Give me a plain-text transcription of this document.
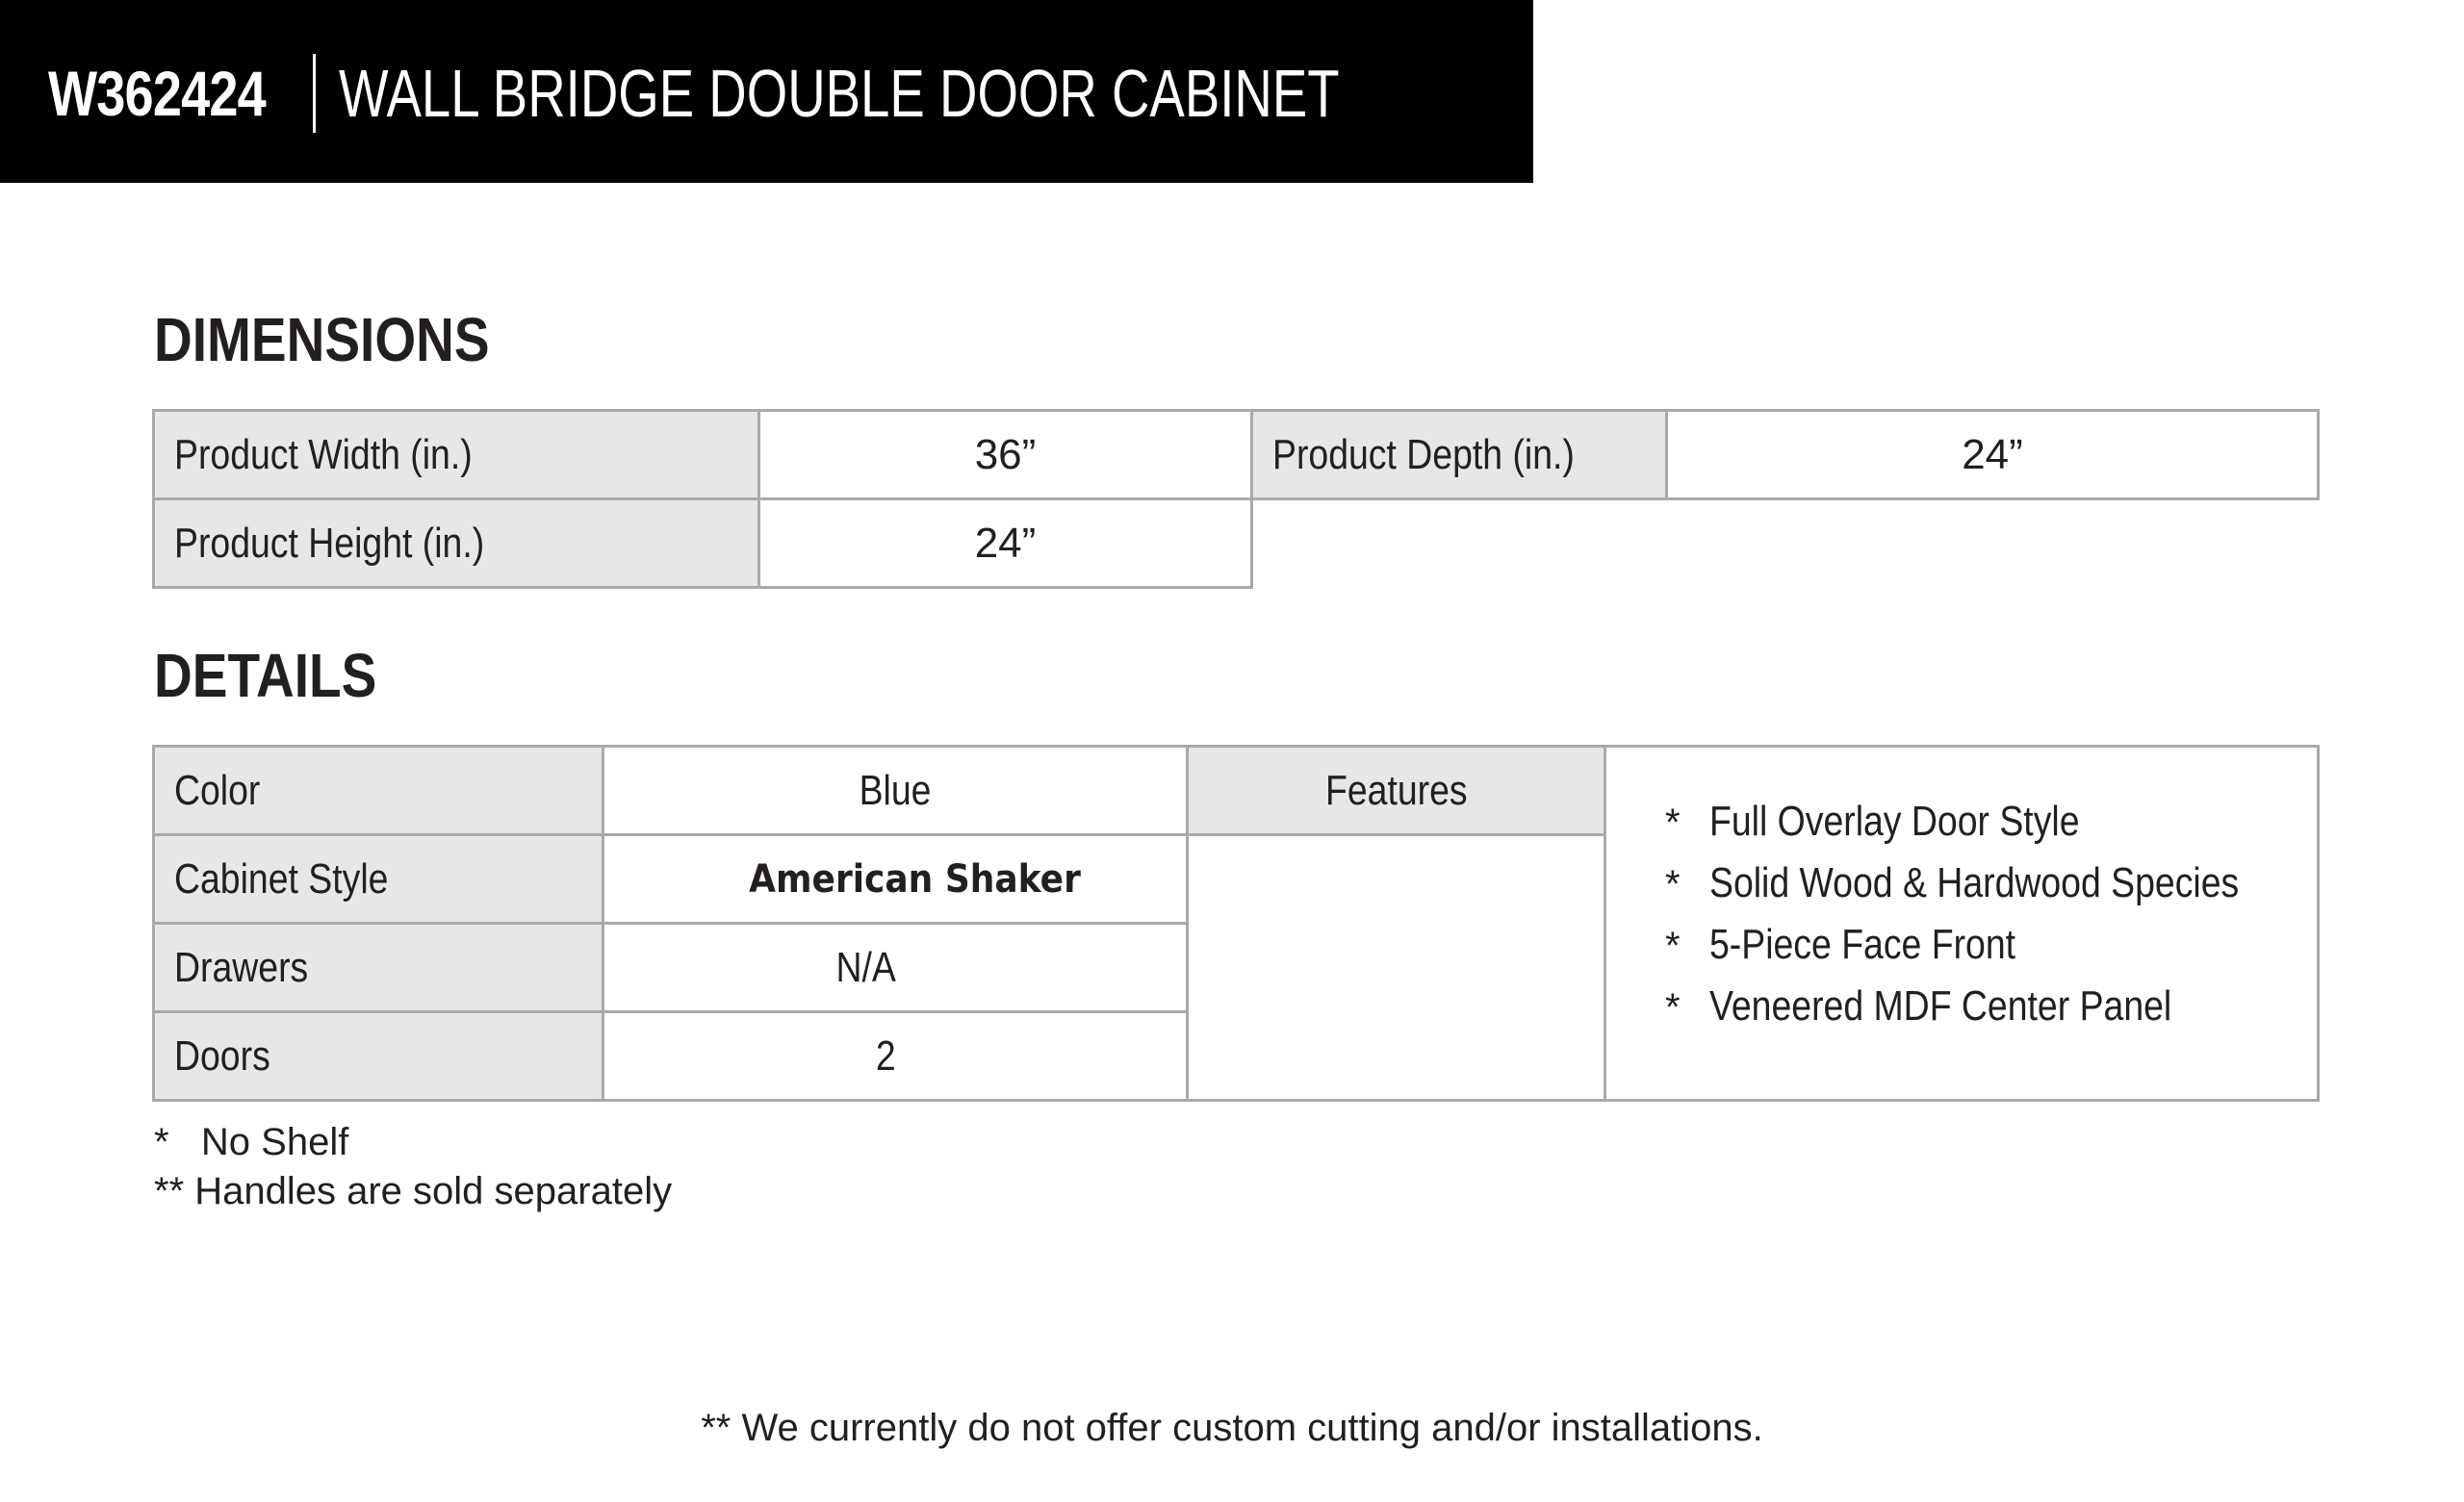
W362424 WALL BRIDGE DOUBLE DOOR CABINET
DIMENSIONS
Product Width (in.)	36”	Product Depth (in.)	24”
Product Height (in.)	24”
DETAILS
Color	Blue
Cabinet Style	American Shaker
Drawers	N/A
Doors	2
Features
* Full Overlay Door Style
* Solid Wood & Hardwood Species
* 5-Piece Face Front
* Veneered MDF Center Panel
*   No Shelf
** Handles are sold separately
** We currently do not offer custom cutting and/or installations.
